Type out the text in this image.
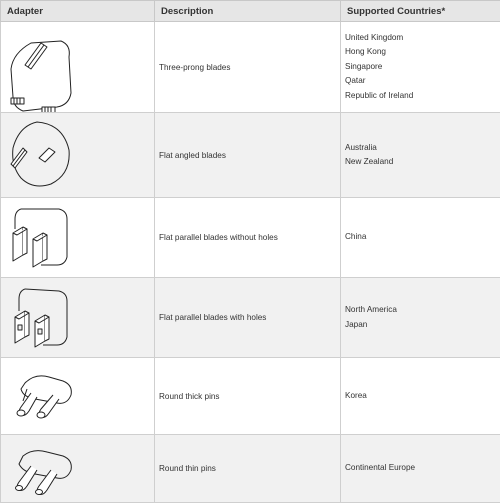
Adapter	Description	Supported Countries*

Three-prong blades	United Kingdom
Hong Kong
Singapore
Qatar
Republic of Ireland

Flat angled blades	Australia
New Zealand

Flat parallel blades without holes	China

Flat parallel blades with holes	North America
Japan

Round thick pins	Korea

Round thin pins	Continental Europe
